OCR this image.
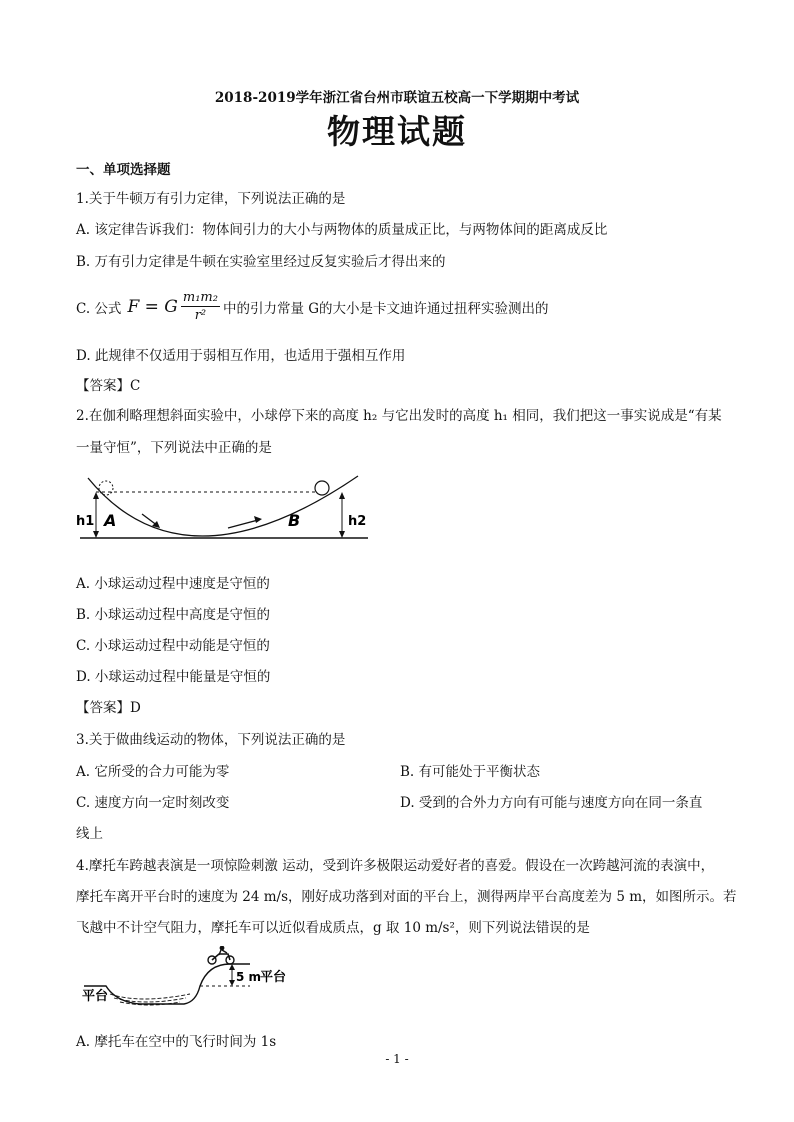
2018-2019学年浙江省台州市联谊五校高一下学期期中考试
物理试题
一、单项选择题
1.关于牛顿万有引力定律，下列说法正确的是
A. 该定律告诉我们：物体间引力的大小与两物体的质量成正比，与两物体间的距离成反比
B. 万有引力定律是牛顿在实验室里经过反复实验后才得出来的
C. 公式 F = G $\frac{\text{m₁m₂}}{\text{r²}}$ 中的引力常量 G的大小是卡文迪许通过扭秤实验测出的
D. 此规律不仅适用于弱相互作用，也适用于强相互作用
【答案】C
2.在伽利略理想斜面实验中，小球停下来的高度 h₂ 与它出发时的高度 h₁ 相同，我们把这一事实说成是“有某
一量守恒”，下列说法中正确的是
h1	h2
A	B
A. 小球运动过程中速度是守恒的
B. 小球运动过程中高度是守恒的
C. 小球运动过程中动能是守恒的
D. 小球运动过程中能量是守恒的
【答案】D
3.关于做曲线运动的物体，下列说法正确的是
A. 它所受的合力可能为零	B. 有可能处于平衡状态
C. 速度方向一定时刻改变	D. 受到的合外力方向有可能与速度方向在同一条直
线上
4.摩托车跨越表演是一项惊险刺激 运动，受到许多极限运动爱好者的喜爱。假设在一次跨越河流的表演中，
摩托车离开平台时的速度为 24 m/s，刚好成功落到对面的平台上，测得两岸平台高度差为 5 m，如图所示。若
飞越中不计空气阻力，摩托车可以近似看成质点，g 取 10 m/s²，则下列说法错误的是
平台
5 m
平台
A. 摩托车在空中的飞行时间为 1s
- 1 -
